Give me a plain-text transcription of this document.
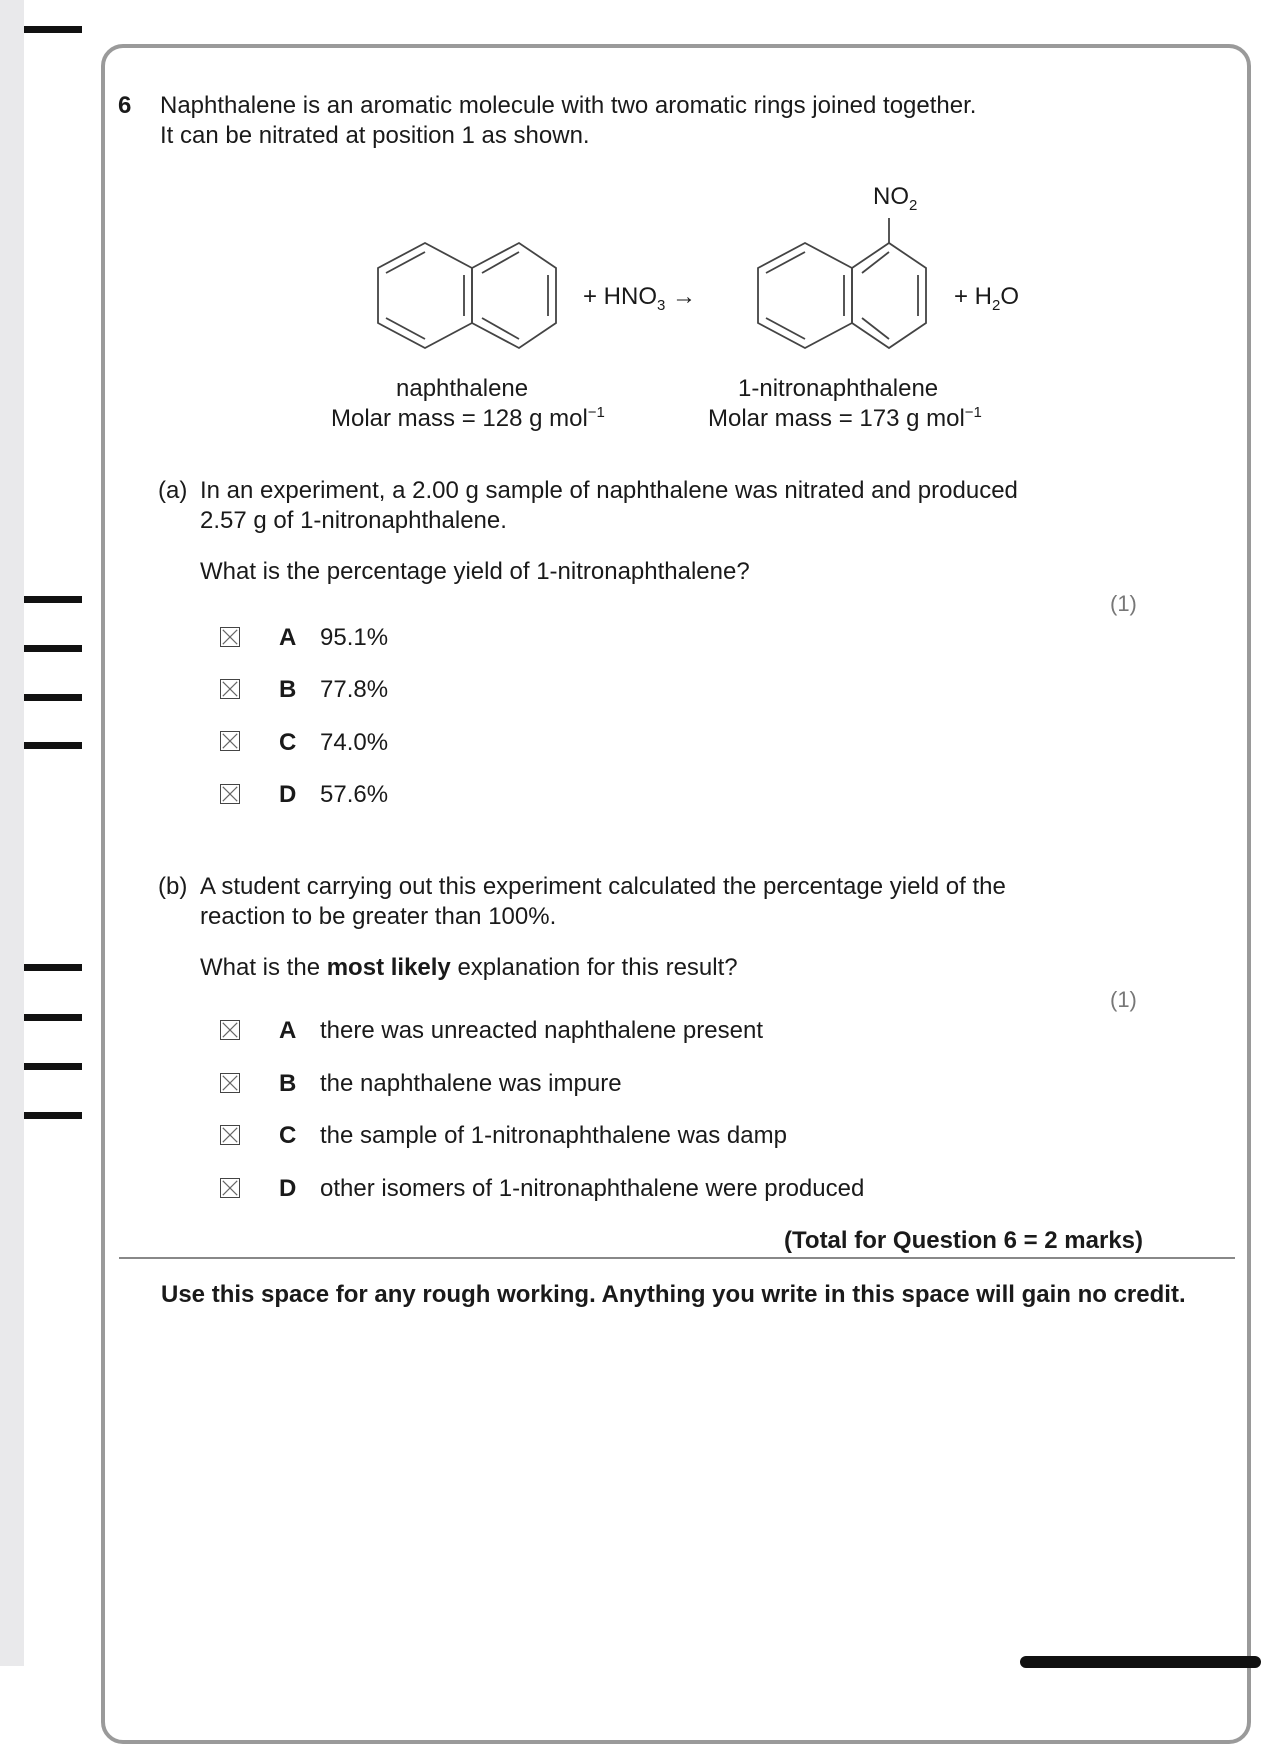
6 Naphthalene is an aromatic molecule with two aromatic rings joined together.
It can be nitrated at position 1 as shown.
+ $HNO_3$ →
$NO_2$
+ $H_2O$
naphthalene
Molar mass = 128 g mol$^{-1}$
1-nitronaphthalene
Molar mass = 173 g mol$^{-1}$
(a) In an experiment, a 2.00 g sample of naphthalene was nitrated and produced
2.57 g of 1-nitronaphthalene.
What is the percentage yield of 1-nitronaphthalene?
(1)
A 95.1%
B 77.8%
C 74.0%
D 57.6%
(b) A student carrying out this experiment calculated the percentage yield of the
reaction to be greater than 100%.
What is the most likely explanation for this result?
(1)
A there was unreacted naphthalene present
B the naphthalene was impure
C the sample of 1-nitronaphthalene was damp
D other isomers of 1-nitronaphthalene were produced
(Total for Question 6 = 2 marks)
Use this space for any rough working. Anything you write in this space will gain no credit.
